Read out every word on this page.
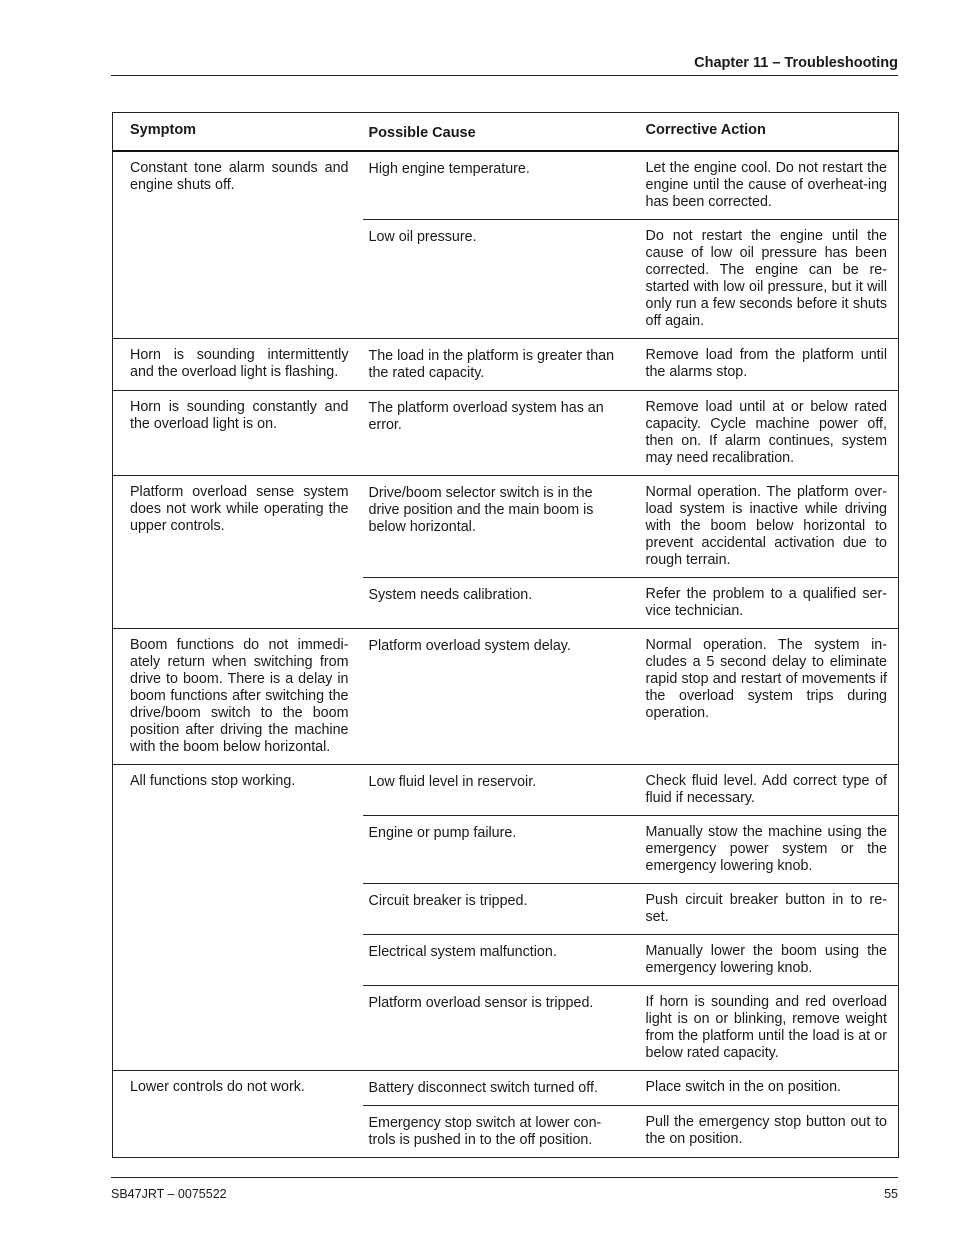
Chapter 11 – Troubleshooting
Symptom	Possible Cause	Corrective Action
Constant tone alarm sounds and engine shuts off.	High engine temperature.	Let the engine cool. Do not restart the engine until the cause of overheat-ing has been corrected.
	Low oil pressure.	Do not restart the engine until the cause of low oil pressure has been corrected. The engine can be re-started with low oil pressure, but it will only run a few seconds before it shuts off again.
Horn is sounding intermittently and the overload light is flashing.	The load in the platform is greater than the rated capacity.	Remove load from the platform until the alarms stop.
Horn is sounding constantly and the overload light is on.	The platform overload system has an error.	Remove load until at or below rated capacity. Cycle machine power off, then on. If alarm continues, system may need recalibration.
Platform overload sense system does not work while operating the upper controls.	Drive/boom selector switch is in the drive position and the main boom is below horizontal.	Normal operation. The platform over-load system is inactive while driving with the boom below horizontal to prevent accidental activation due to rough terrain.
	System needs calibration.	Refer the problem to a qualified ser-vice technician.
Boom functions do not immedi-ately return when switching from drive to boom. There is a delay in boom functions after switching the drive/boom switch to the boom position after driving the machine with the boom below horizontal.	Platform overload system delay.	Normal operation. The system in-cludes a 5 second delay to eliminate rapid stop and restart of movements if the overload system trips during operation.
All functions stop working.	Low fluid level in reservoir.	Check fluid level. Add correct type of fluid if necessary.
	Engine or pump failure.	Manually stow the machine using the emergency power system or the emergency lowering knob.
	Circuit breaker is tripped.	Push circuit breaker button in to re-set.
	Electrical system malfunction.	Manually lower the boom using the emergency lowering knob.
	Platform overload sensor is tripped.	If horn is sounding and red overload light is on or blinking, remove weight from the platform until the load is at or below rated capacity.
Lower controls do not work.	Battery disconnect switch turned off.	Place switch in the on position.
	Emergency stop switch at lower con-trols is pushed in to the off position.	Pull the emergency stop button out to the on position.
SB47JRT – 0075522	55
